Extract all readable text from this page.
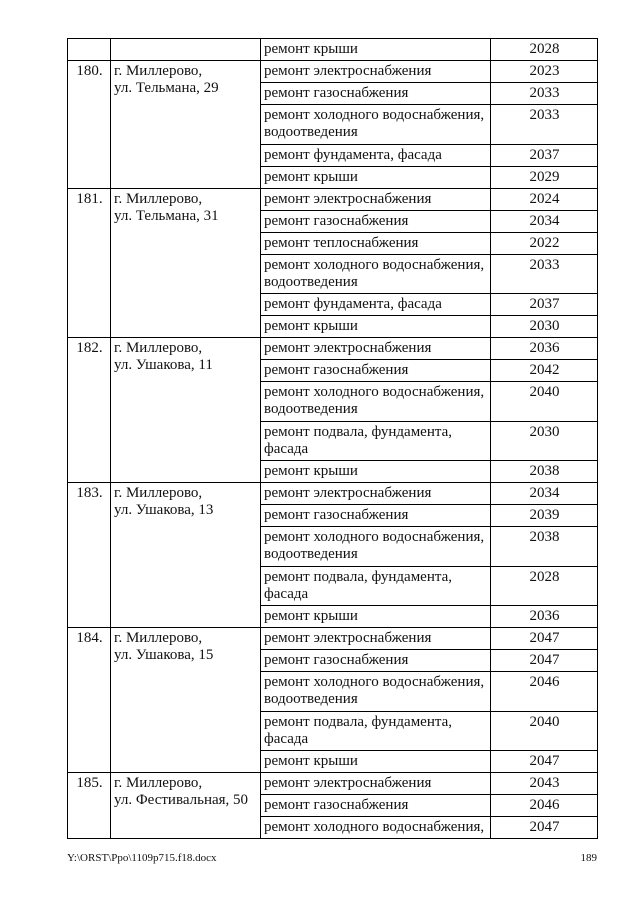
		ремонт крыши	2028

180.	г. Миллерово,
ул. Тельмана, 29	ремонт электроснабжения	2023

		ремонт газоснабжения	2033

		ремонт холодного водоснабжения,
водоотведения	2033

		ремонт фундамента, фасада	2037

		ремонт крыши	2029

181.	г. Миллерово,
ул. Тельмана, 31	ремонт электроснабжения	2024

		ремонт газоснабжения	2034

		ремонт теплоснабжения	2022

		ремонт холодного водоснабжения,
водоотведения	2033

		ремонт фундамента, фасада	2037

		ремонт крыши	2030

182.	г. Миллерово,
ул. Ушакова, 11	ремонт электроснабжения	2036

		ремонт газоснабжения	2042

		ремонт холодного водоснабжения,
водоотведения	2040

		ремонт подвала, фундамента,
фасада	2030

		ремонт крыши	2038

183.	г. Миллерово,
ул. Ушакова, 13	ремонт электроснабжения	2034

		ремонт газоснабжения	2039

		ремонт холодного водоснабжения,
водоотведения	2038

		ремонт подвала, фундамента,
фасада	2028

		ремонт крыши	2036

184.	г. Миллерово,
ул. Ушакова, 15	ремонт электроснабжения	2047

		ремонт газоснабжения	2047

		ремонт холодного водоснабжения,
водоотведения	2046

		ремонт подвала, фундамента,
фасада	2040

		ремонт крыши	2047

185.	г. Миллерово,
ул. Фестивальная, 50	ремонт электроснабжения	2043

		ремонт газоснабжения	2046

		ремонт холодного водоснабжения,	2047
Y:\ORST\Ppo\1109p715.f18.docx	189
